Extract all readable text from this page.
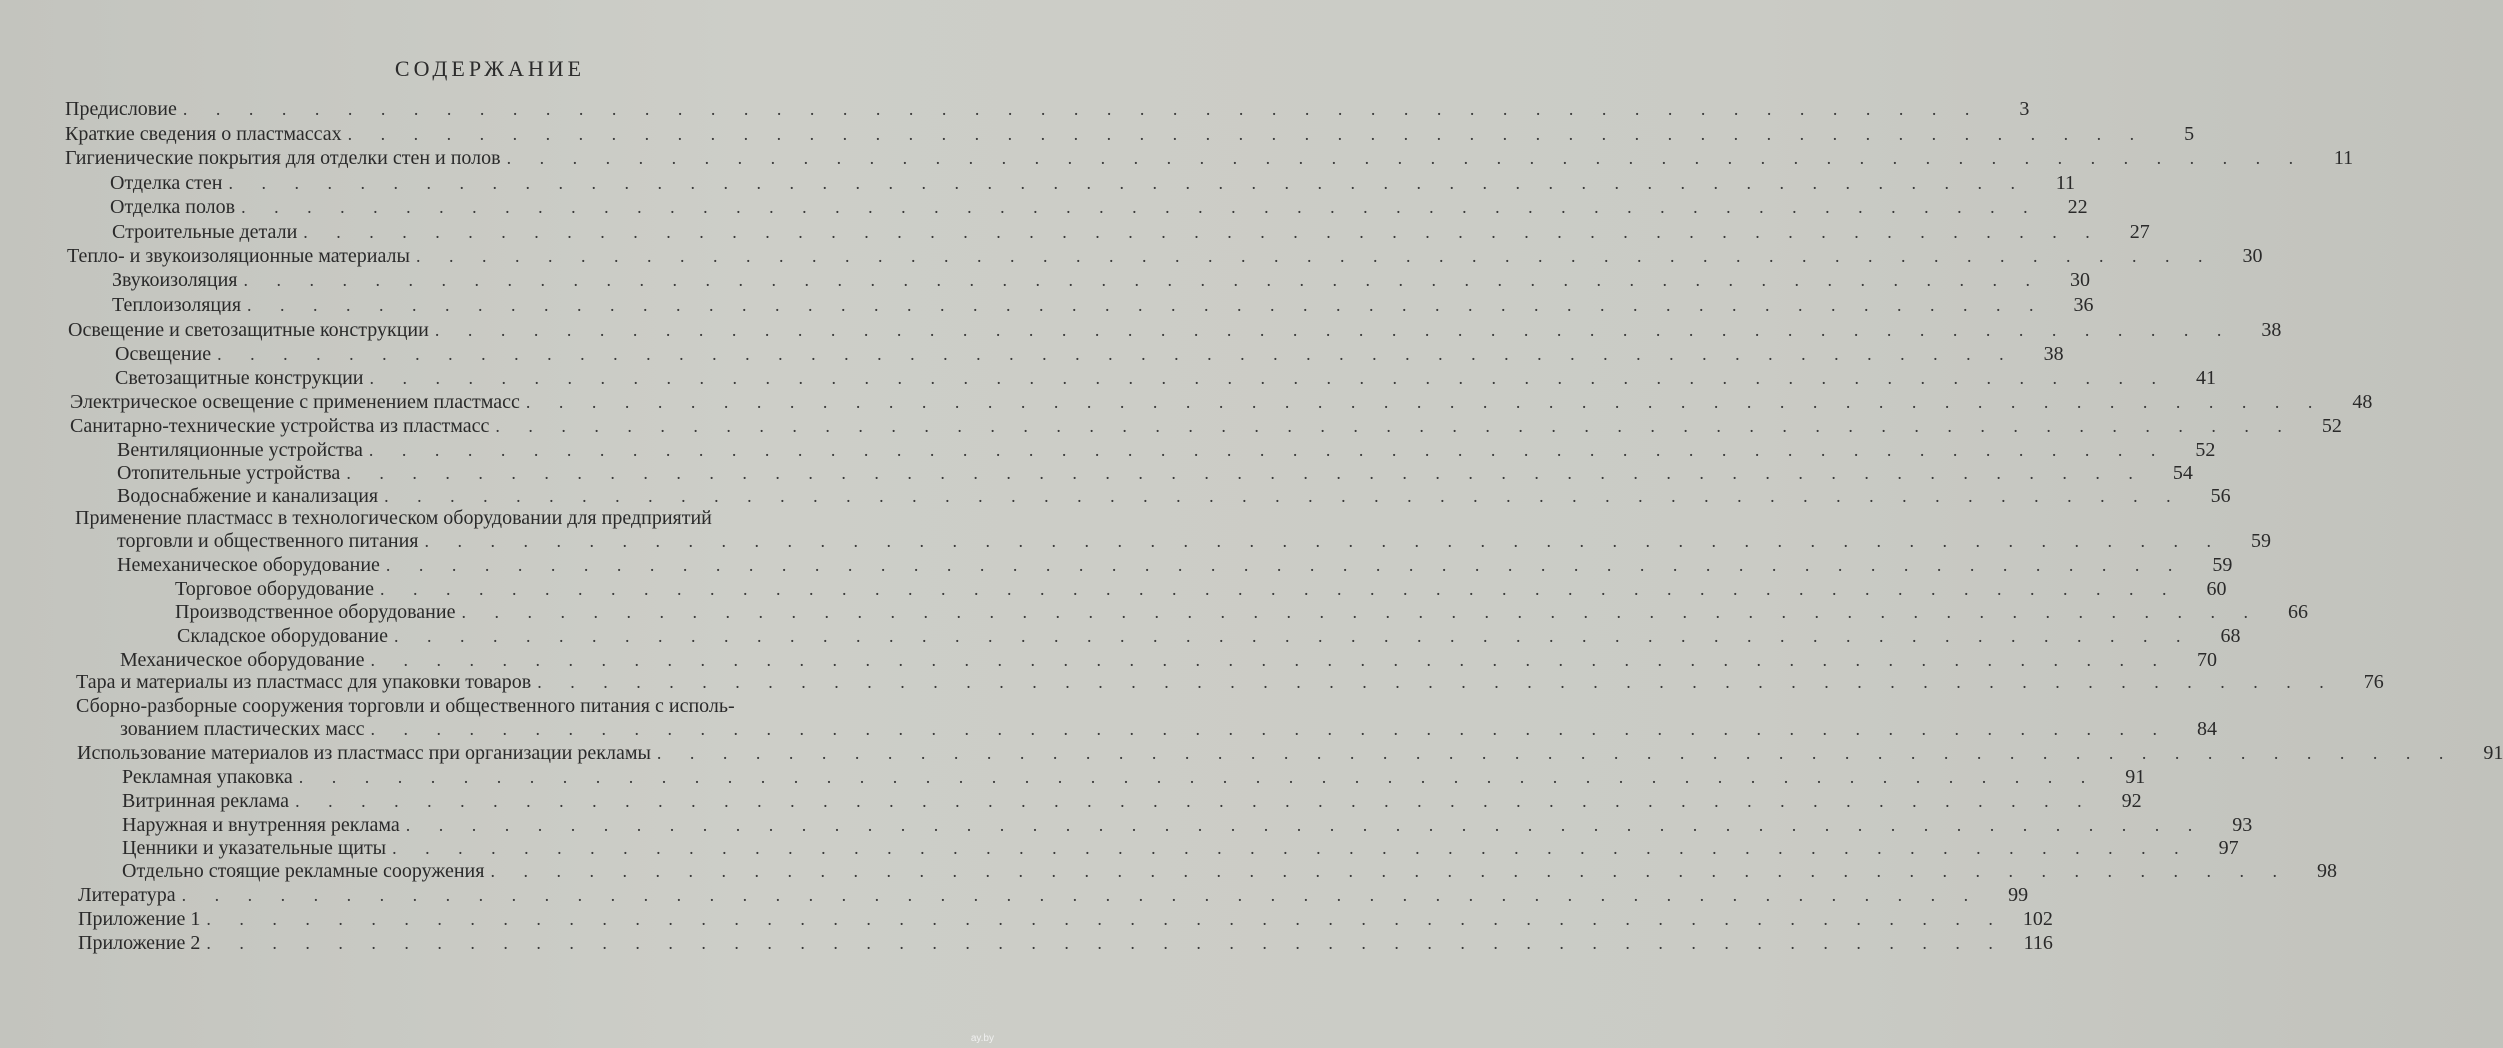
СОДЕРЖАНИЕ
Предисловие . . . . . . . . . . . . . . . . . . . . . . . . . . . . . . . . . . . . . . . . . . . . . . . . . . . . . . .	3
Краткие сведения о пластмассах . . . . . . . . . . . . . . . . . . . . . . . . . . . . . . . . . . . . . . . . . . . . . . . . . . . . . . .	5
Гигиенические покрытия для отделки стен и полов . . . . . . . . . . . . . . . . . . . . . . . . . . . . . . . . . . . . . . . . . . . . . . . . . . . . . . .	11
Отделка стен . . . . . . . . . . . . . . . . . . . . . . . . . . . . . . . . . . . . . . . . . . . . . . . . . . . . . . .	11
Отделка полов . . . . . . . . . . . . . . . . . . . . . . . . . . . . . . . . . . . . . . . . . . . . . . . . . . . . . . .	22
Строительные детали . . . . . . . . . . . . . . . . . . . . . . . . . . . . . . . . . . . . . . . . . . . . . . . . . . . . . . .	27
Тепло- и звукоизоляционные материалы . . . . . . . . . . . . . . . . . . . . . . . . . . . . . . . . . . . . . . . . . . . . . . . . . . . . . . .	30
Звукоизоляция . . . . . . . . . . . . . . . . . . . . . . . . . . . . . . . . . . . . . . . . . . . . . . . . . . . . . . .	30
Теплоизоляция . . . . . . . . . . . . . . . . . . . . . . . . . . . . . . . . . . . . . . . . . . . . . . . . . . . . . . .	36
Освещение и светозащитные конструкции . . . . . . . . . . . . . . . . . . . . . . . . . . . . . . . . . . . . . . . . . . . . . . . . . . . . . . .	38
Освещение . . . . . . . . . . . . . . . . . . . . . . . . . . . . . . . . . . . . . . . . . . . . . . . . . . . . . . .	38
Светозащитные конструкции . . . . . . . . . . . . . . . . . . . . . . . . . . . . . . . . . . . . . . . . . . . . . . . . . . . . . . .	41
Электрическое освещение с применением пластмасс . . . . . . . . . . . . . . . . . . . . . . . . . . . . . . . . . . . . . . . . . . . . . . . . . . . . . . .	48
Санитарно-технические устройства из пластмасс . . . . . . . . . . . . . . . . . . . . . . . . . . . . . . . . . . . . . . . . . . . . . . . . . . . . . . .	52
Вентиляционные устройства . . . . . . . . . . . . . . . . . . . . . . . . . . . . . . . . . . . . . . . . . . . . . . . . . . . . . . .	52
Отопительные устройства . . . . . . . . . . . . . . . . . . . . . . . . . . . . . . . . . . . . . . . . . . . . . . . . . . . . . . .	54
Водоснабжение и канализация . . . . . . . . . . . . . . . . . . . . . . . . . . . . . . . . . . . . . . . . . . . . . . . . . . . . . . .	56
Применение пластмасс в технологическом оборудовании для предприятий
торговли и общественного питания . . . . . . . . . . . . . . . . . . . . . . . . . . . . . . . . . . . . . . . . . . . . . . . . . . . . . . .	59
Немеханическое оборудование . . . . . . . . . . . . . . . . . . . . . . . . . . . . . . . . . . . . . . . . . . . . . . . . . . . . . . .	59
Торговое оборудование . . . . . . . . . . . . . . . . . . . . . . . . . . . . . . . . . . . . . . . . . . . . . . . . . . . . . . .	60
Производственное оборудование . . . . . . . . . . . . . . . . . . . . . . . . . . . . . . . . . . . . . . . . . . . . . . . . . . . . . . .	66
Складское оборудование . . . . . . . . . . . . . . . . . . . . . . . . . . . . . . . . . . . . . . . . . . . . . . . . . . . . . . .	68
Механическое оборудование . . . . . . . . . . . . . . . . . . . . . . . . . . . . . . . . . . . . . . . . . . . . . . . . . . . . . . .	70
Тара и материалы из пластмасс для упаковки товаров . . . . . . . . . . . . . . . . . . . . . . . . . . . . . . . . . . . . . . . . . . . . . . . . . . . . . . .	76
Сборно-разборные сооружения торговли и общественного питания с исполь-
зованием пластических масс . . . . . . . . . . . . . . . . . . . . . . . . . . . . . . . . . . . . . . . . . . . . . . . . . . . . . . .	84
Использование материалов из пластмасс при организации рекламы . . . . . . . . . . . . . . . . . . . . . . . . . . . . . . . . . . . . . . . . . . . . . . . . . . . . . . .	91
Рекламная упаковка . . . . . . . . . . . . . . . . . . . . . . . . . . . . . . . . . . . . . . . . . . . . . . . . . . . . . . .	91
Витринная реклама . . . . . . . . . . . . . . . . . . . . . . . . . . . . . . . . . . . . . . . . . . . . . . . . . . . . . . .	92
Наружная и внутренняя реклама . . . . . . . . . . . . . . . . . . . . . . . . . . . . . . . . . . . . . . . . . . . . . . . . . . . . . . .	93
Ценники и указательные щиты . . . . . . . . . . . . . . . . . . . . . . . . . . . . . . . . . . . . . . . . . . . . . . . . . . . . . . .	97
Отдельно стоящие рекламные сооружения . . . . . . . . . . . . . . . . . . . . . . . . . . . . . . . . . . . . . . . . . . . . . . . . . . . . . . .	98
Литература . . . . . . . . . . . . . . . . . . . . . . . . . . . . . . . . . . . . . . . . . . . . . . . . . . . . . . .	99
Приложение 1 . . . . . . . . . . . . . . . . . . . . . . . . . . . . . . . . . . . . . . . . . . . . . . . . . . . . . . . 102
Приложение 2 . . . . . . . . . . . . . . . . . . . . . . . . . . . . . . . . . . . . . . . . . . . . . . . . . . . . . . . 116
ay.by
